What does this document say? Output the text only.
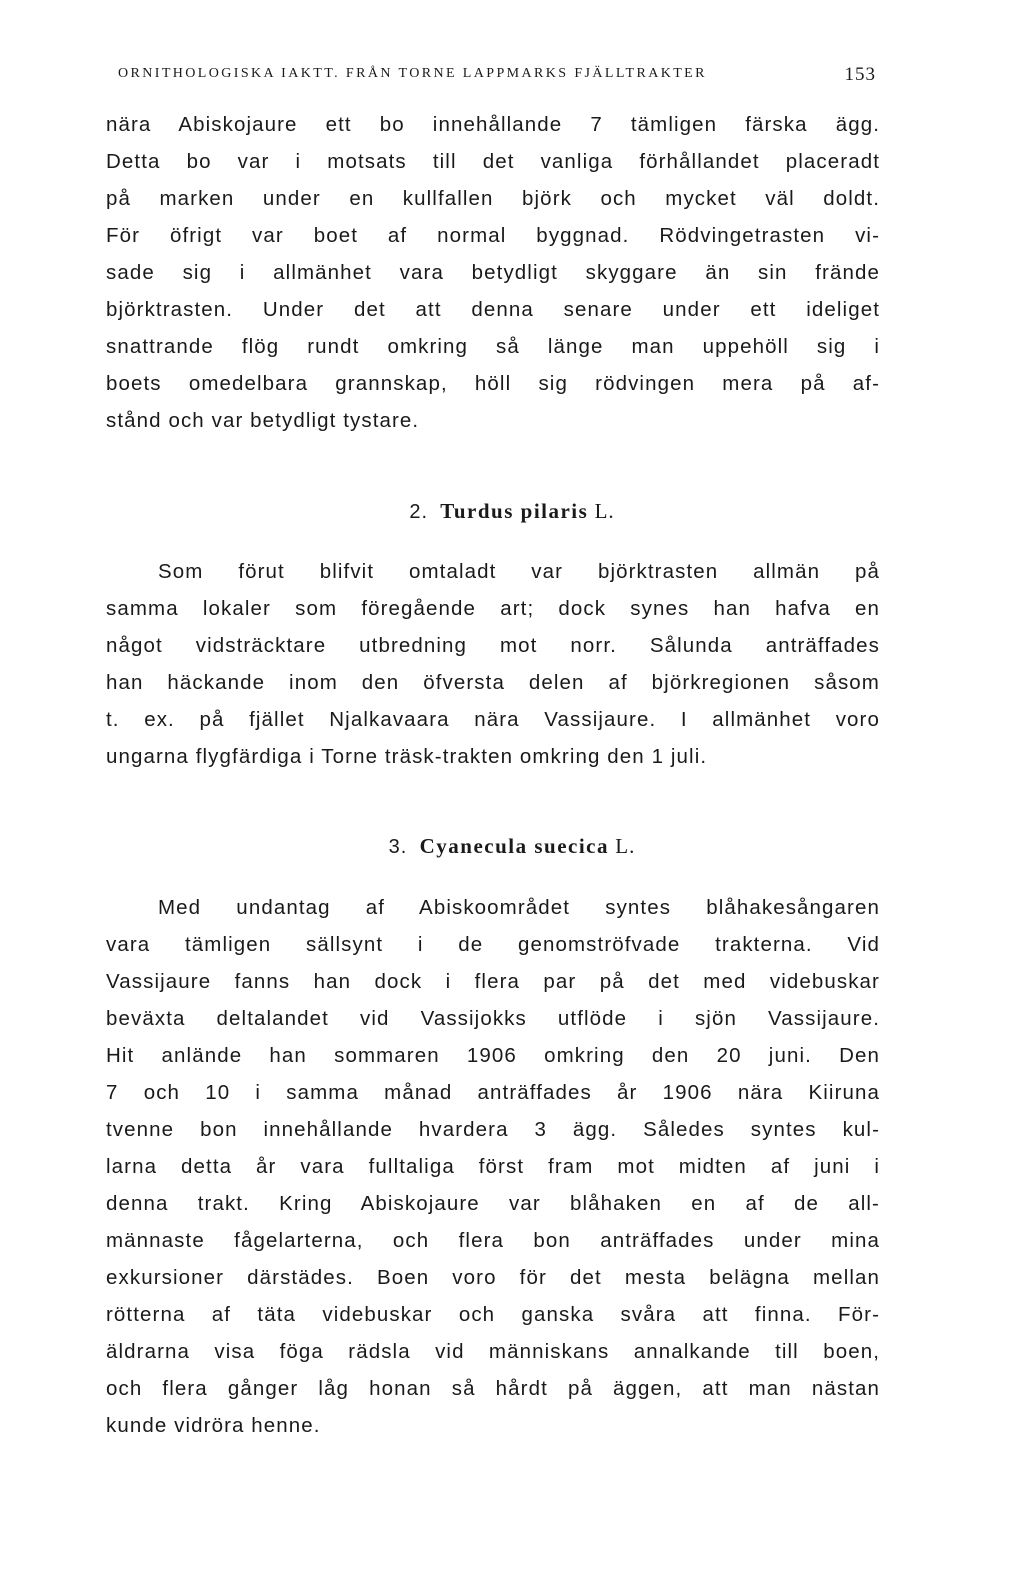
ORNITHOLOGISKA IAKTT. FRÅN TORNE LAPPMARKS FJÄLLTRAKTER	153
nära Abiskojaure ett bo innehållande 7 tämligen färska ägg.
Detta bo var i motsats till det vanliga förhållandet placeradt
på marken under en kullfallen björk och mycket väl doldt.
För öfrigt var boet af normal byggnad. Rödvingetrasten vi-
sade sig i allmänhet vara betydligt skyggare än sin frände
björktrasten. Under det att denna senare under ett ideliget
snattrande flög rundt omkring så länge man uppehöll sig i
boets omedelbara grannskap, höll sig rödvingen mera på af-
stånd och var betydligt tystare.
2. Turdus pilaris L.
Som förut blifvit omtaladt var björktrasten allmän på
samma lokaler som föregående art; dock synes han hafva en
något vidsträcktare utbredning mot norr. Sålunda anträffades
han häckande inom den öfversta delen af björkregionen såsom
t. ex. på fjället Njalkavaara nära Vassijaure. I allmänhet voro
ungarna flygfärdiga i Torne träsk-trakten omkring den 1 juli.
3. Cyanecula suecica L.
Med undantag af Abiskoområdet syntes blåhakesångaren
vara tämligen sällsynt i de genomströfvade trakterna. Vid
Vassijaure fanns han dock i flera par på det med videbuskar
beväxta deltalandet vid Vassijokks utflöde i sjön Vassijaure.
Hit anlände han sommaren 1906 omkring den 20 juni. Den
7 och 10 i samma månad anträffades år 1906 nära Kiiruna
tvenne bon innehållande hvardera 3 ägg. Således syntes kul-
larna detta år vara fulltaliga först fram mot midten af juni i
denna trakt. Kring Abiskojaure var blåhaken en af de all-
männaste fågelarterna, och flera bon anträffades under mina
exkursioner därstädes. Boen voro för det mesta belägna mellan
rötterna af täta videbuskar och ganska svåra att finna. För-
äldrarna visa föga rädsla vid människans annalkande till boen,
och flera gånger låg honan så hårdt på äggen, att man nästan
kunde vidröra henne.
